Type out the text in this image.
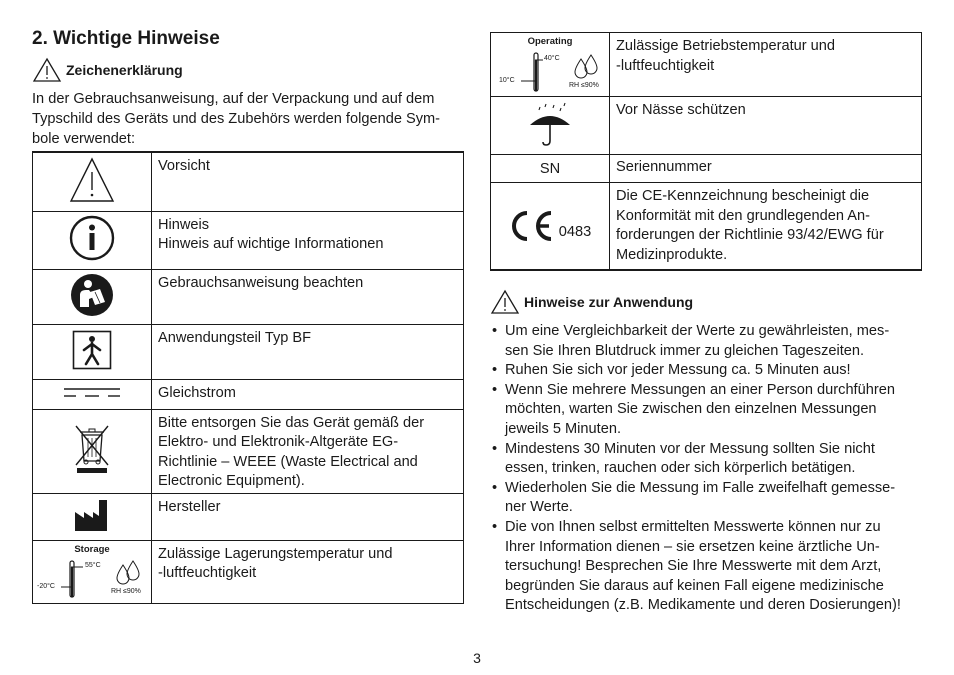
2. Wichtige Hinweise
Zeichenerklärung

In der Gebrauchsanweisung, auf der Verpackung und auf dem
Typschild des Geräts und des Zubehörs werden folgende Sym-
bole verwendet:

Vorsicht

Hinweis
Hinweis auf wichtige Informationen

Gebrauchsanweisung beachten

Anwendungsteil Typ BF

Gleichstrom

Bitte entsorgen Sie das Gerät gemäß der
Elektro- und Elektronik-Altgeräte EG-
Richtlinie – WEEE (Waste Electrical and
Electronic Equipment).

Hersteller

Storage
55°C
-20°C
RH ≤90%	Zulässige Lagerungstemperatur und
-luftfeuchtigkeit
Operating
40°C
10°C
RH ≤90%	Zulässige Betriebstemperatur und
-luftfeuchtigkeit

Vor Nässe schützen

SN	Seriennummer

0483	Die CE-Kennzeichnung bescheinigt die
Konformität mit den grundlegenden An-
forderungen der Richtlinie 93/42/EWG für
Medizinprodukte.
Hinweise zur Anwendung
• Um eine Vergleichbarkeit der Werte zu gewährleisten, mes-
sen Sie Ihren Blutdruck immer zu gleichen Tageszeiten.
• Ruhen Sie sich vor jeder Messung ca. 5 Minuten aus!
• Wenn Sie mehrere Messungen an einer Person durchführen
möchten, warten Sie zwischen den einzelnen Messungen
jeweils 5 Minuten.
• Mindestens 30 Minuten vor der Messung sollten Sie nicht
essen, trinken, rauchen oder sich körperlich betätigen.
• Wiederholen Sie die Messung im Falle zweifelhaft gemesse-
ner Werte.
• Die von Ihnen selbst ermittelten Messwerte können nur zu
Ihrer Information dienen – sie ersetzen keine ärztliche Un-
tersuchung! Besprechen Sie Ihre Messwerte mit dem Arzt,
begründen Sie daraus auf keinen Fall eigene medizinische
Entscheidungen (z.B. Medikamente und deren Dosierungen)!
3
